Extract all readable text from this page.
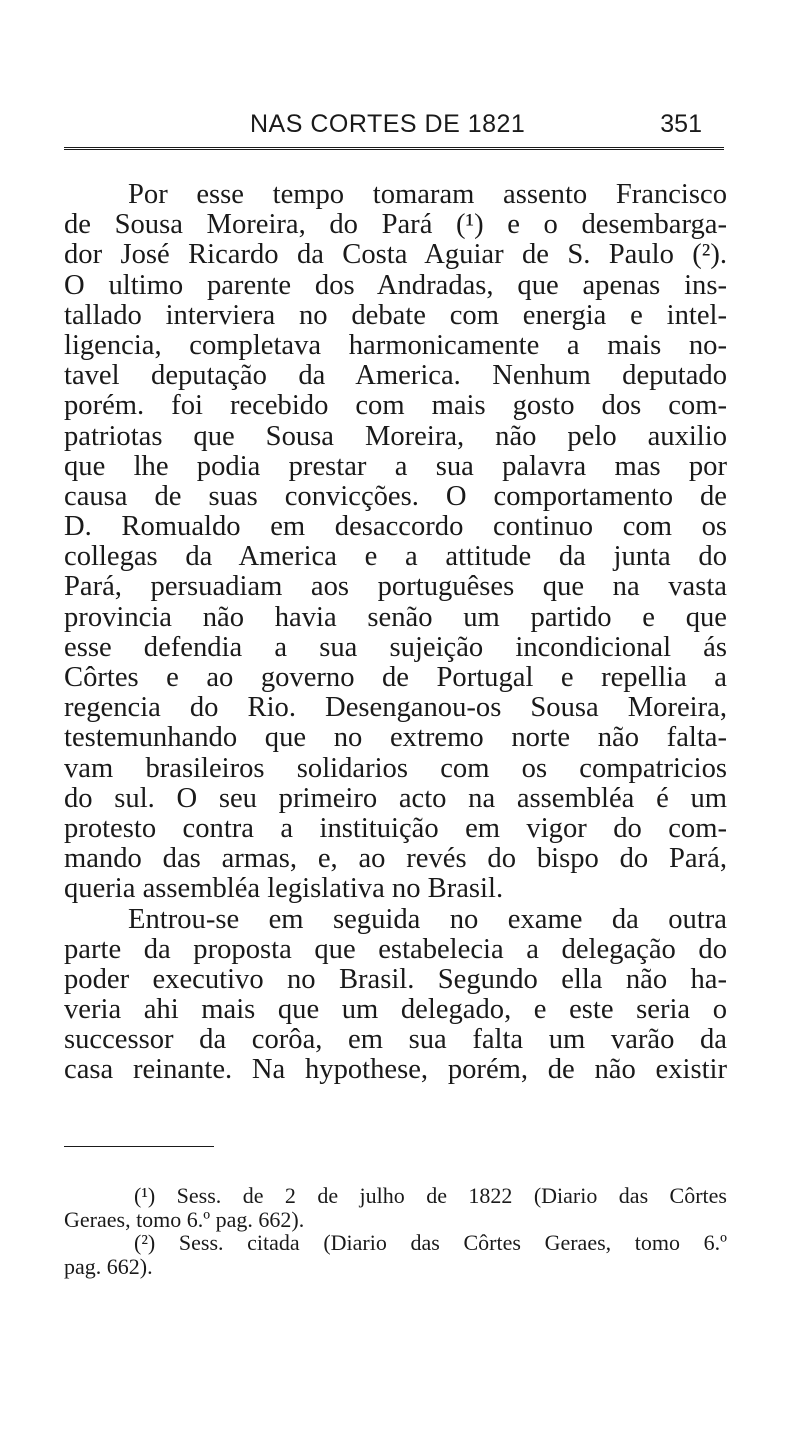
NAS CORTES DE 1821	351
Por esse tempo tomaram assento Francisco
de Sousa Moreira, do Pará (¹) e o desembarga-
dor José Ricardo da Costa Aguiar de S. Paulo (²).
O ultimo parente dos Andradas, que apenas ins-
tallado interviera no debate com energia e intel-
ligencia, completava harmonicamente a mais no-
tavel deputação da America. Nenhum deputado
porém. foi recebido com mais gosto dos com-
patriotas que Sousa Moreira, não pelo auxilio
que lhe podia prestar a sua palavra mas por
causa de suas convicções. O comportamento de
D. Romualdo em desaccordo continuo com os
collegas da America e a attitude da junta do
Pará, persuadiam aos portuguêses que na vasta
provincia não havia senão um partido e que
esse defendia a sua sujeição incondicional ás
Côrtes e ao governo de Portugal e repellia a
regencia do Rio. Desenganou-os Sousa Moreira,
testemunhando que no extremo norte não falta-
vam brasileiros solidarios com os compatricios
do sul. O seu primeiro acto na assembléa é um
protesto contra a instituição em vigor do com-
mando das armas, e, ao revés do bispo do Pará,
queria assembléa legislativa no Brasil.
Entrou-se em seguida no exame da outra
parte da proposta que estabelecia a delegação do
poder executivo no Brasil. Segundo ella não ha-
veria ahi mais que um delegado, e este seria o
successor da corôa, em sua falta um varão da
casa reinante. Na hypothese, porém, de não existir
(¹) Sess. de 2 de julho de 1822 (Diario das Côrtes
Geraes, tomo 6.º pag. 662).
(²) Sess. citada (Diario das Côrtes Geraes, tomo 6.º
pag. 662).
